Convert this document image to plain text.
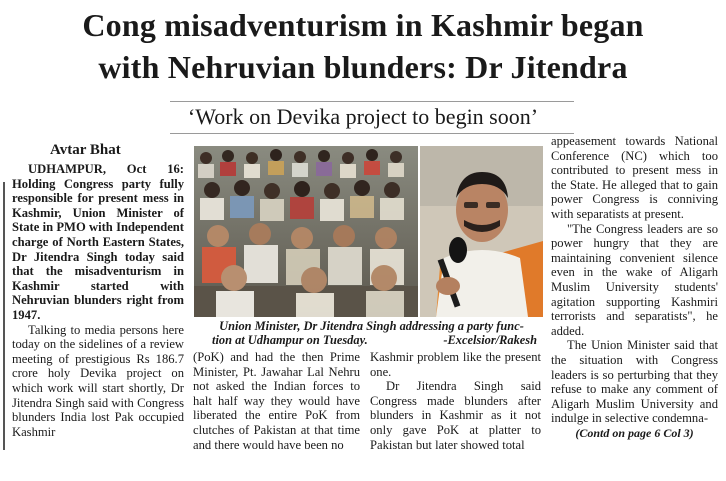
Cong misadventurism in Kashmir began
with Nehruvian blunders: Dr Jitendra
‘Work on Devika project to begin soon’
Avtar Bhat

UDHAMPUR, Oct 16: Holding Congress party fully responsible for present mess in Kashmir, Union Minister of State in PMO with Independent charge of North Eastern States, Dr Jitendra Singh today said that the misadventurism in Kashmir started with Nehruvian blunders right from 1947.

Talking to media persons here today on the sidelines of a review meeting of prestigious Rs 186.7 crore holy Devika project on which work will start shortly, Dr Jitendra Singh said with Congress blunders India lost Pak occupied Kashmir

Union Minister, Dr Jitendra Singh addressing a party func-
tion at Udhampur on Tuesday.	-Excelsior/Rakesh

(PoK) and had the then Prime Minister, Pt. Jawahar Lal Nehru not asked the Indian forces to halt half way they would have liberated the entire PoK from clutches of Pakistan at that time and there would have been no

Kashmir problem like the present one.

Dr Jitendra Singh said Congress made blunders after blunders in Kashmir as it not only gave PoK at platter to Pakistan but later showed total

appeasement towards National Conference (NC) which too contributed to present mess in the State. He alleged that to gain power Congress is conniving with separatists at present.

"The Congress leaders are so power hungry that they are maintaining convenient silence even in the wake of Aligarh Muslim University students' agitation supporting Kashmiri terrorists and separatists", he added.

The Union Minister said that the situation with Congress leaders is so perturbing that they refuse to make any comment of Aligarh Muslim University and indulge in selective condemna-

(Contd on page 6 Col 3)
